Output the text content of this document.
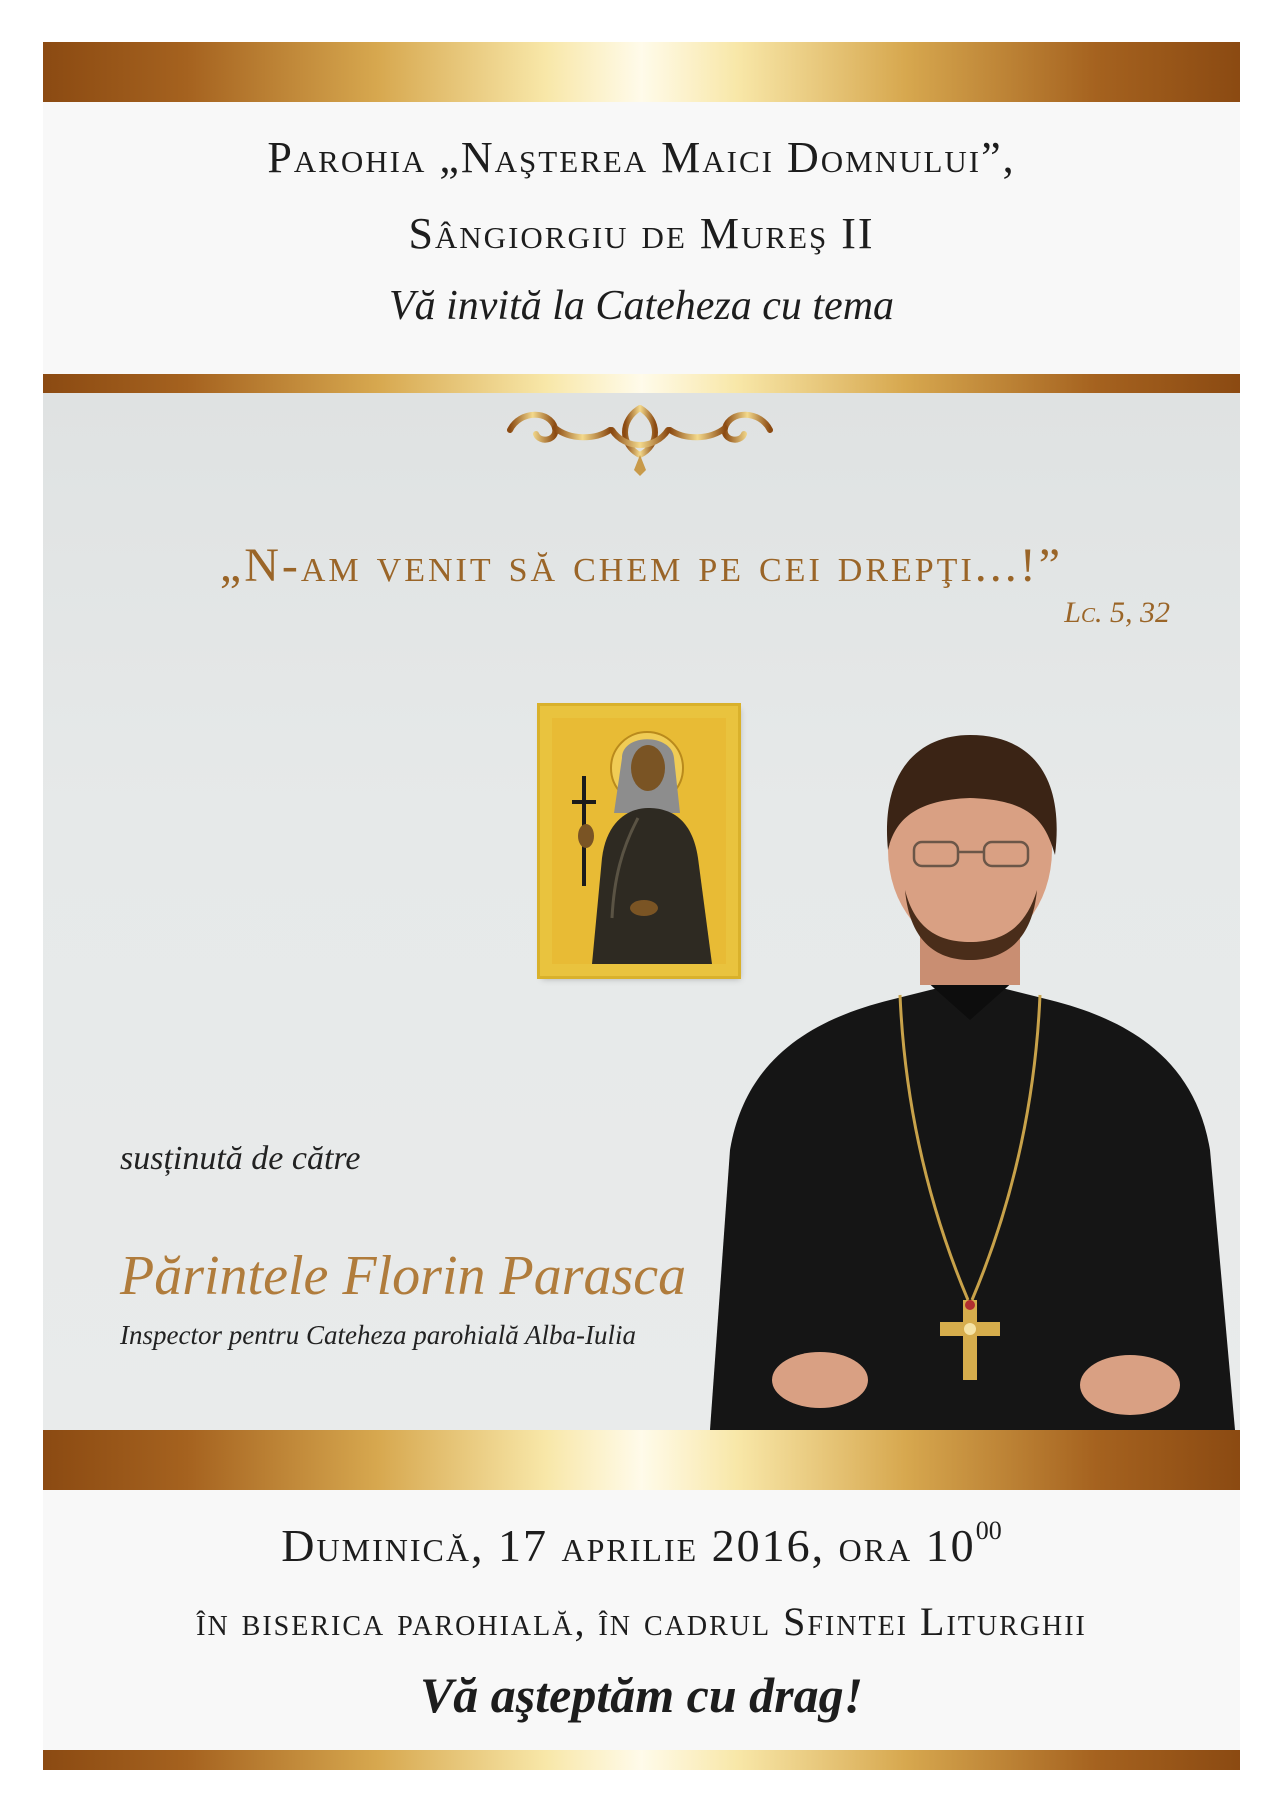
Parohia „Naşterea Maici Domnului”,
Sângiorgiu de Mureş II
Vă invită la Cateheza cu tema
„N-am venit să chem pe cei drepţi...!”
Lc. 5, 32
susținută de către
Părintele Florin Parasca
Inspector pentru Cateheza parohială Alba-Iulia
Duminică, 17 aprilie 2016, ora $10^{00}$
în biserica parohială, în cadrul Sfintei Liturghii
Vă aşteptăm cu drag!
